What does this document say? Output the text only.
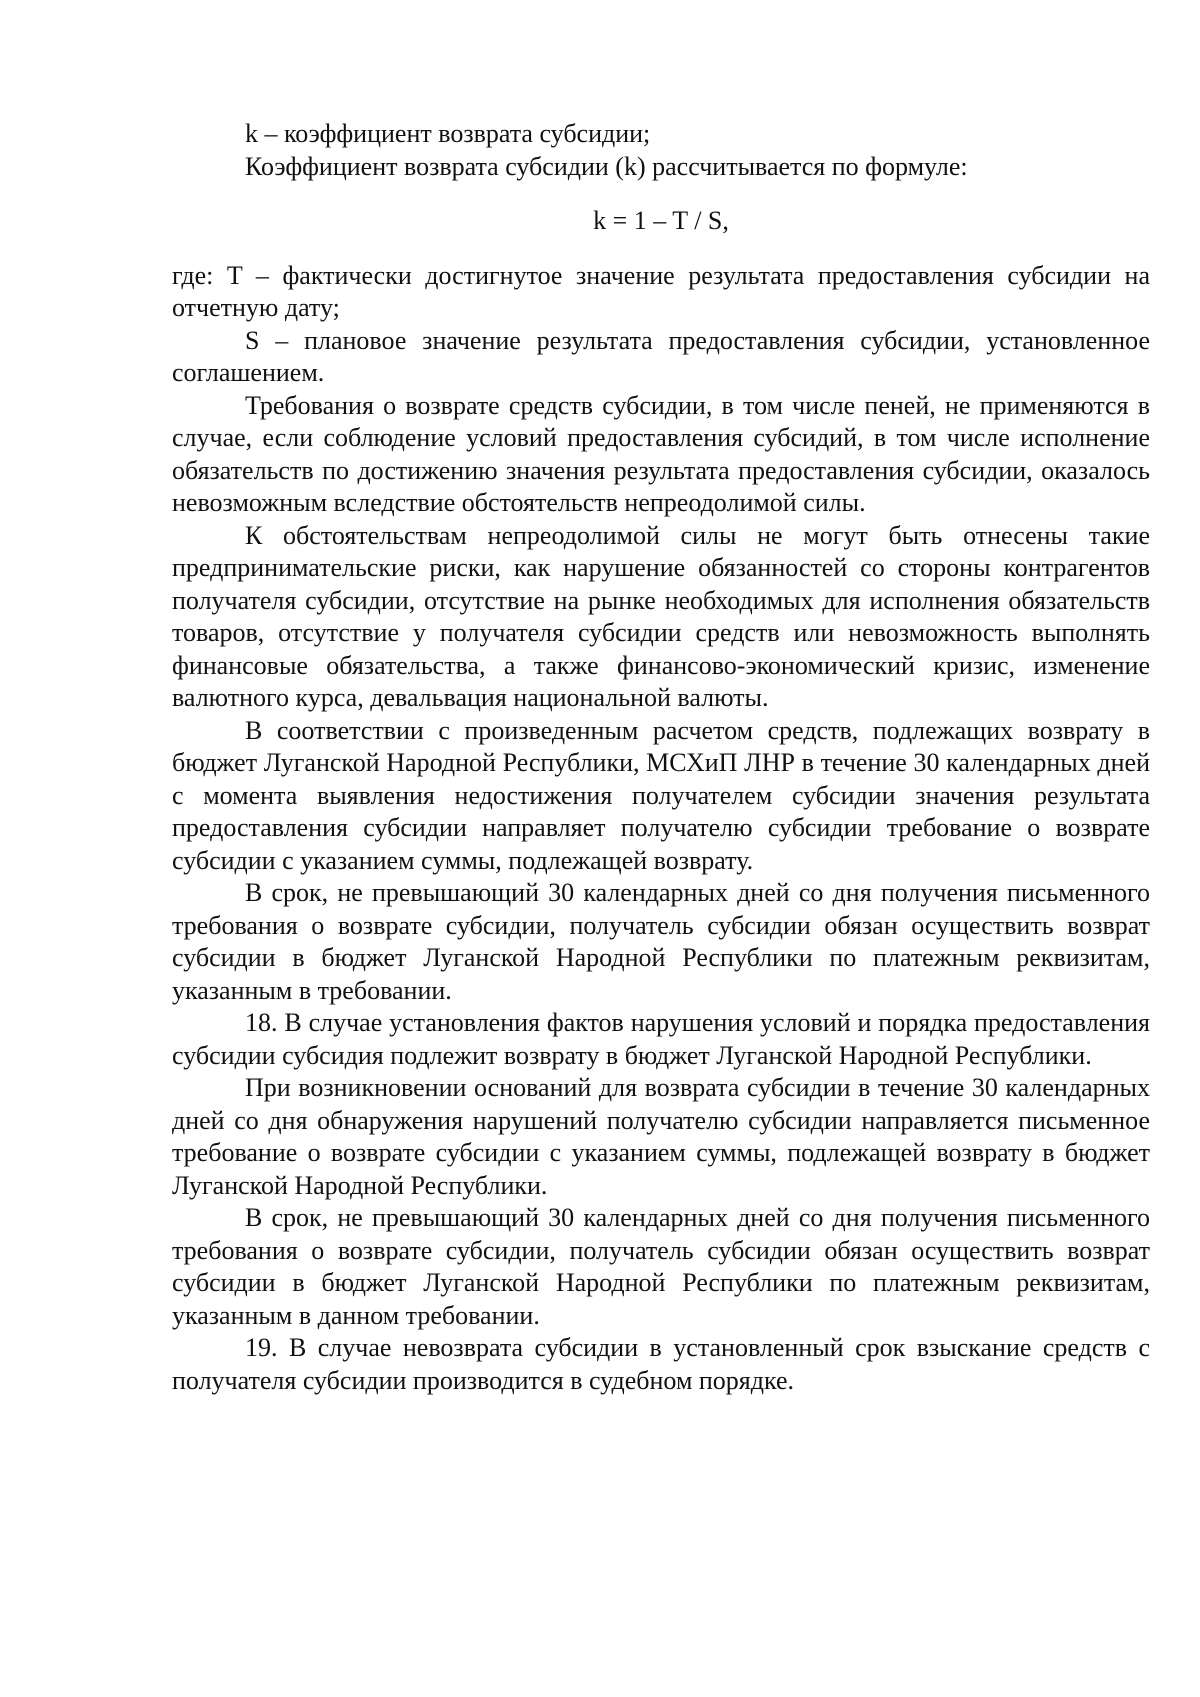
k – коэффициент возврата субсидии;

Коэффициент возврата субсидии (k) рассчитывается по формуле:

k = 1 – T / S,

где: T – фактически достигнутое значение результата предоставления субсидии на отчетную дату;

S – плановое значение результата предоставления субсидии, установленное соглашением.

Требования о возврате средств субсидии, в том числе пеней, не применяются в случае, если соблюдение условий предоставления субсидий, в том числе исполнение обязательств по достижению значения результата предоставления субсидии, оказалось невозможным вследствие обстоятельств непреодолимой силы.

К обстоятельствам непреодолимой силы не могут быть отнесены такие предпринимательские риски, как нарушение обязанностей со стороны контрагентов получателя субсидии, отсутствие на рынке необходимых для исполнения обязательств товаров, отсутствие у получателя субсидии средств или невозможность выполнять финансовые обязательства, а также финансово-экономический кризис, изменение валютного курса, девальвация национальной валюты.

В соответствии с произведенным расчетом средств, подлежащих возврату в бюджет Луганской Народной Республики, МСХиП ЛНР в течение 30 календарных дней с момента выявления недостижения получателем субсидии значения результата предоставления субсидии направляет получателю субсидии требование о возврате субсидии с указанием суммы, подлежащей возврату.

В срок, не превышающий 30 календарных дней со дня получения письменного требования о возврате субсидии, получатель субсидии обязан осуществить возврат субсидии в бюджет Луганской Народной Республики по платежным реквизитам, указанным в требовании.

18. В случае установления фактов нарушения условий и порядка предоставления субсидии субсидия подлежит возврату в бюджет Луганской Народной Республики.

При возникновении оснований для возврата субсидии в течение 30 календарных дней со дня обнаружения нарушений получателю субсидии направляется письменное требование о возврате субсидии с указанием суммы, подлежащей возврату в бюджет Луганской Народной Республики.

В срок, не превышающий 30 календарных дней со дня получения письменного требования о возврате субсидии, получатель субсидии обязан осуществить возврат субсидии в бюджет Луганской Народной Республики по платежным реквизитам, указанным в данном требовании.

19. В случае невозврата субсидии в установленный срок взыскание средств с получателя субсидии производится в судебном порядке.
